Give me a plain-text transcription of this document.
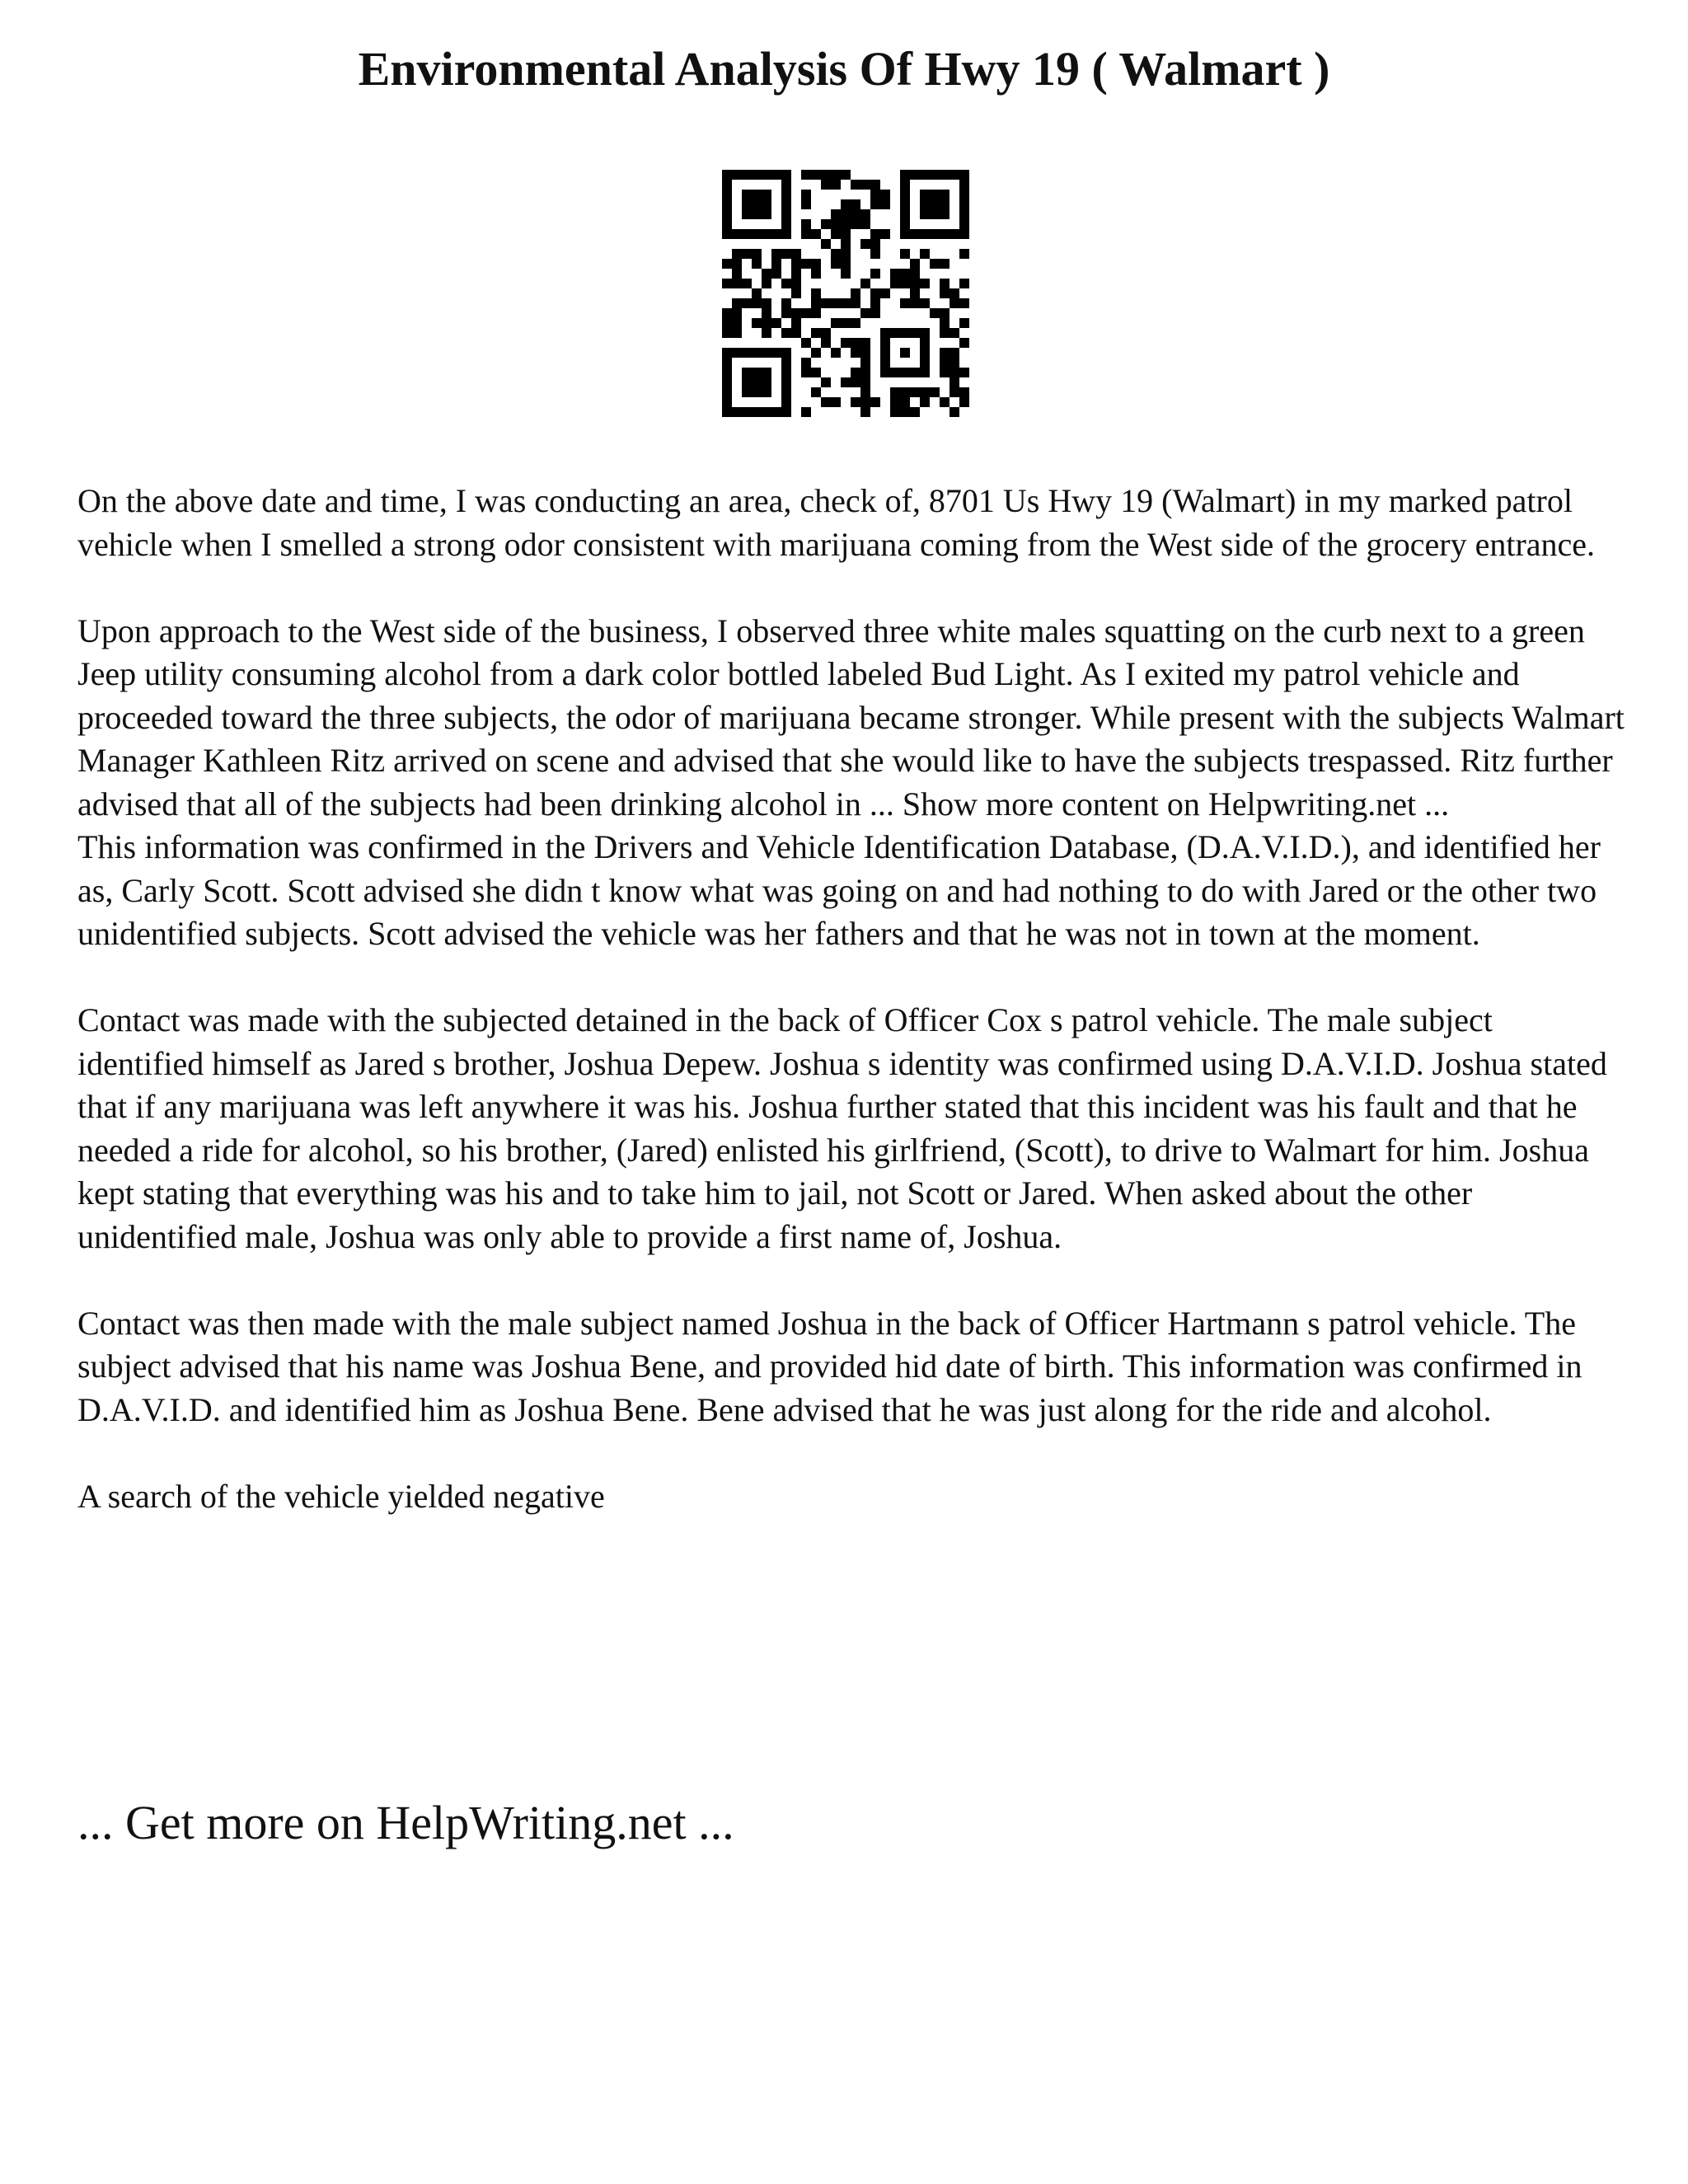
Environmental Analysis Of Hwy 19 ( Walmart )

On the above date and time, I was conducting an area, check of, 8701 Us Hwy 19 (Walmart) in my marked patrol vehicle when I smelled a strong odor consistent with marijuana coming from the West side of the grocery entrance.

Upon approach to the West side of the business, I observed three white males squatting on the curb next to a green Jeep utility consuming alcohol from a dark color bottled labeled Bud Light. As I exited my patrol vehicle and proceeded toward the three subjects, the odor of marijuana became stronger. While present with the subjects Walmart Manager Kathleen Ritz arrived on scene and advised that she would like to have the subjects trespassed. Ritz further advised that all of the subjects had been drinking alcohol in ... Show more content on Helpwriting.net ...

This information was confirmed in the Drivers and Vehicle Identification Database, (D.A.V.I.D.), and identified her as, Carly Scott. Scott advised she didn t know what was going on and had nothing to do with Jared or the other two unidentified subjects. Scott advised the vehicle was her fathers and that he was not in town at the moment.

Contact was made with the subjected detained in the back of Officer Cox s patrol vehicle. The male subject identified himself as Jared s brother, Joshua Depew. Joshua s identity was confirmed using D.A.V.I.D. Joshua stated that if any marijuana was left anywhere it was his. Joshua further stated that this incident was his fault and that he needed a ride for alcohol, so his brother, (Jared) enlisted his girlfriend, (Scott), to drive to Walmart for him. Joshua kept stating that everything was his and to take him to jail, not Scott or Jared. When asked about the other unidentified male, Joshua was only able to provide a first name of, Joshua.

Contact was then made with the male subject named Joshua in the back of Officer Hartmann s patrol vehicle. The subject advised that his name was Joshua Bene, and provided hid date of birth. This information was confirmed in D.A.V.I.D. and identified him as Joshua Bene. Bene advised that he was just along for the ride and alcohol.

A search of the vehicle yielded negative

... Get more on HelpWriting.net ...
